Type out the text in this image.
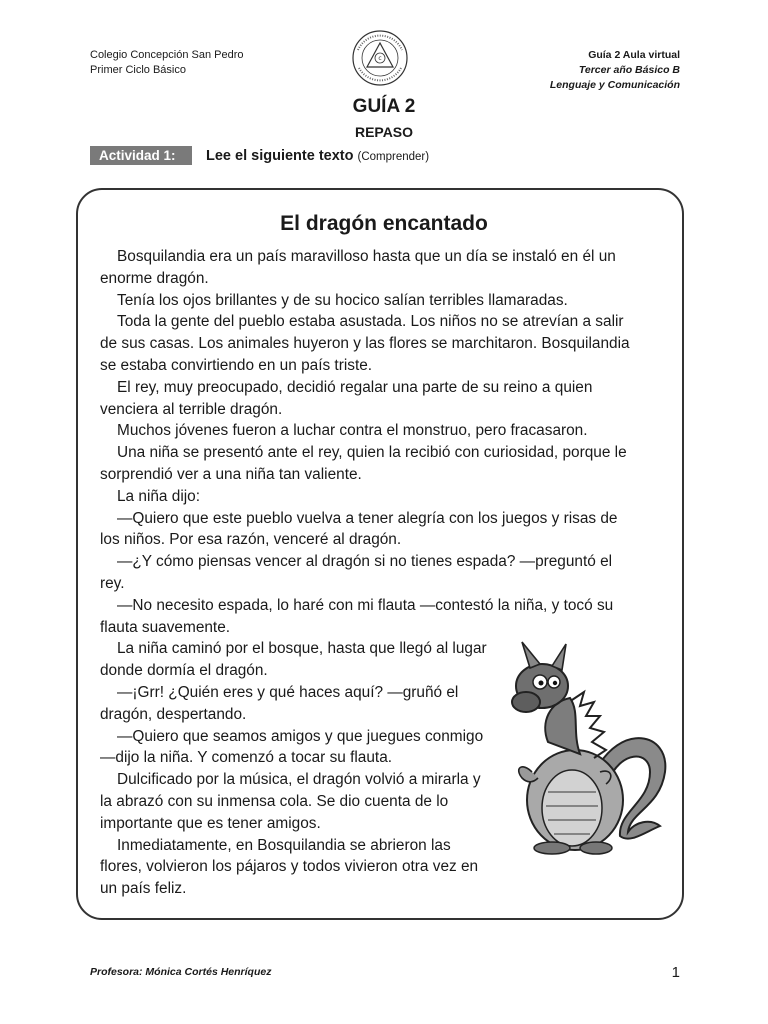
Colegio Concepción San Pedro
Primer Ciclo Básico
c	Guía 2 Aula virtual
Tercer año Básico B
Lenguaje y Comunicación
GUÍA 2
REPASO
Actividad 1:	Lee el siguiente texto (Comprender)
El dragón encantado

Bosquilandia era un país maravilloso hasta que un día se instaló en él un enorme dragón.

Tenía los ojos brillantes y de su hocico salían terribles llamaradas.

Toda la gente del pueblo estaba asustada. Los niños no se atrevían a salir de sus casas. Los animales huyeron y las flores se marchitaron. Bosquilandia se estaba convirtiendo en un país triste.

El rey, muy preocupado, decidió regalar una parte de su reino a quien venciera al terrible dragón.

Muchos jóvenes fueron a luchar contra el monstruo, pero fracasaron.

Una niña se presentó ante el rey, quien la recibió con curiosidad, porque le sorprendió ver a una niña tan valiente.

La niña dijo:

—Quiero que este pueblo vuelva a tener alegría con los juegos y risas de los niños. Por esa razón, venceré al dragón.

—¿Y cómo piensas vencer al dragón si no tienes espada? —preguntó el rey.

—No necesito espada, lo haré con mi flauta —contestó la niña, y tocó su flauta suavemente.

La niña caminó por el bosque, hasta que llegó al lugar donde dormía el dragón.

—¡Grr! ¿Quién eres y qué haces aquí? —gruñó el dragón, despertando.

—Quiero que seamos amigos y que juegues conmigo —dijo la niña. Y comenzó a tocar su flauta.

Dulcificado por la música, el dragón volvió a mirarla y la abrazó con su inmensa cola. Se dio cuenta de lo importante que es tener amigos.

Inmediatamente, en Bosquilandia se abrieron las flores, volvieron los pájaros y todos vivieron otra vez en un país feliz.

Profesora: Mónica Cortés Henríquez	1
